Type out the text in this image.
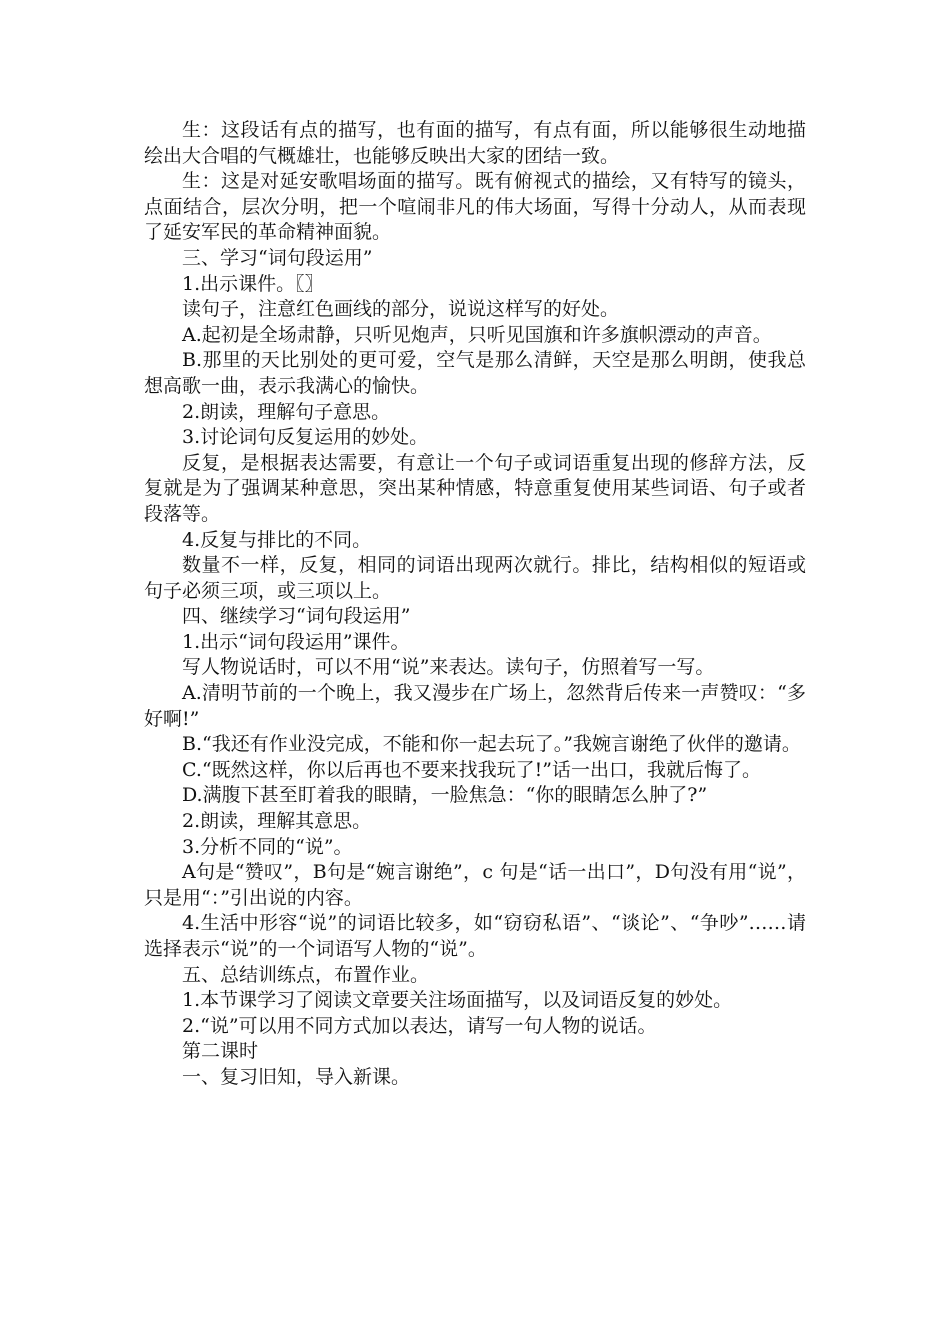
生：这段话有点的描写，也有面的描写，有点有面，所以能够很生动地描绘出大合唱的气概雄壮，也能够反映出大家的团结一致。

生：这是对延安歌唱场面的描写。既有俯视式的描绘，又有特写的镜头，点面结合，层次分明，把一个喧闹非凡的伟大场面，写得十分动人，从而表现了延安军民的革命精神面貌。

三、学习“词句段运用”

1.出示课件。〖〗

读句子，注意红色画线的部分，说说这样写的好处。

A.起初是全场肃静，只听见炮声，只听见国旗和许多旗帜漂动的声音。

B.那里的天比别处的更可爱，空气是那么清鲜，天空是那么明朗，使我总想高歌一曲，表示我满心的愉快。

2.朗读，理解句子意思。

3.讨论词句反复运用的妙处。

反复，是根据表达需要，有意让一个句子或词语重复出现的修辞方法，反复就是为了强调某种意思，突出某种情感，特意重复使用某些词语、句子或者段落等。

4.反复与排比的不同。

数量不一样，反复，相同的词语出现两次就行。排比，结构相似的短语或句子必须三项，或三项以上。

四、继续学习“词句段运用”

1.出示“词句段运用”课件。

写人物说话时，可以不用“说”来表达。读句子，仿照着写一写。

A.清明节前的一个晚上，我又漫步在广场上，忽然背后传来一声赞叹：“多好啊!”

B.“我还有作业没完成，不能和你一起去玩了。”我婉言谢绝了伙伴的邀请。

C.“既然这样，你以后再也不要来找我玩了!”话一出口，我就后悔了。

D.满腹下甚至盯着我的眼睛，一脸焦急：“你的眼睛怎么肿了?”

2.朗读，理解其意思。

3.分析不同的“说”。

A句是“赞叹”，B句是“婉言谢绝”，c 句是“话一出口”，D句没有用“说”，只是用“：”引出说的内容。

4.生活中形容“说”的词语比较多，如“窃窃私语”、“谈论”、“争吵”……请选择表示“说”的一个词语写人物的“说”。

五、总结训练点，布置作业。

1.本节课学习了阅读文章要关注场面描写，以及词语反复的妙处。

2.“说”可以用不同方式加以表达，请写一句人物的说话。

第二课时

一、复习旧知，导入新课。
